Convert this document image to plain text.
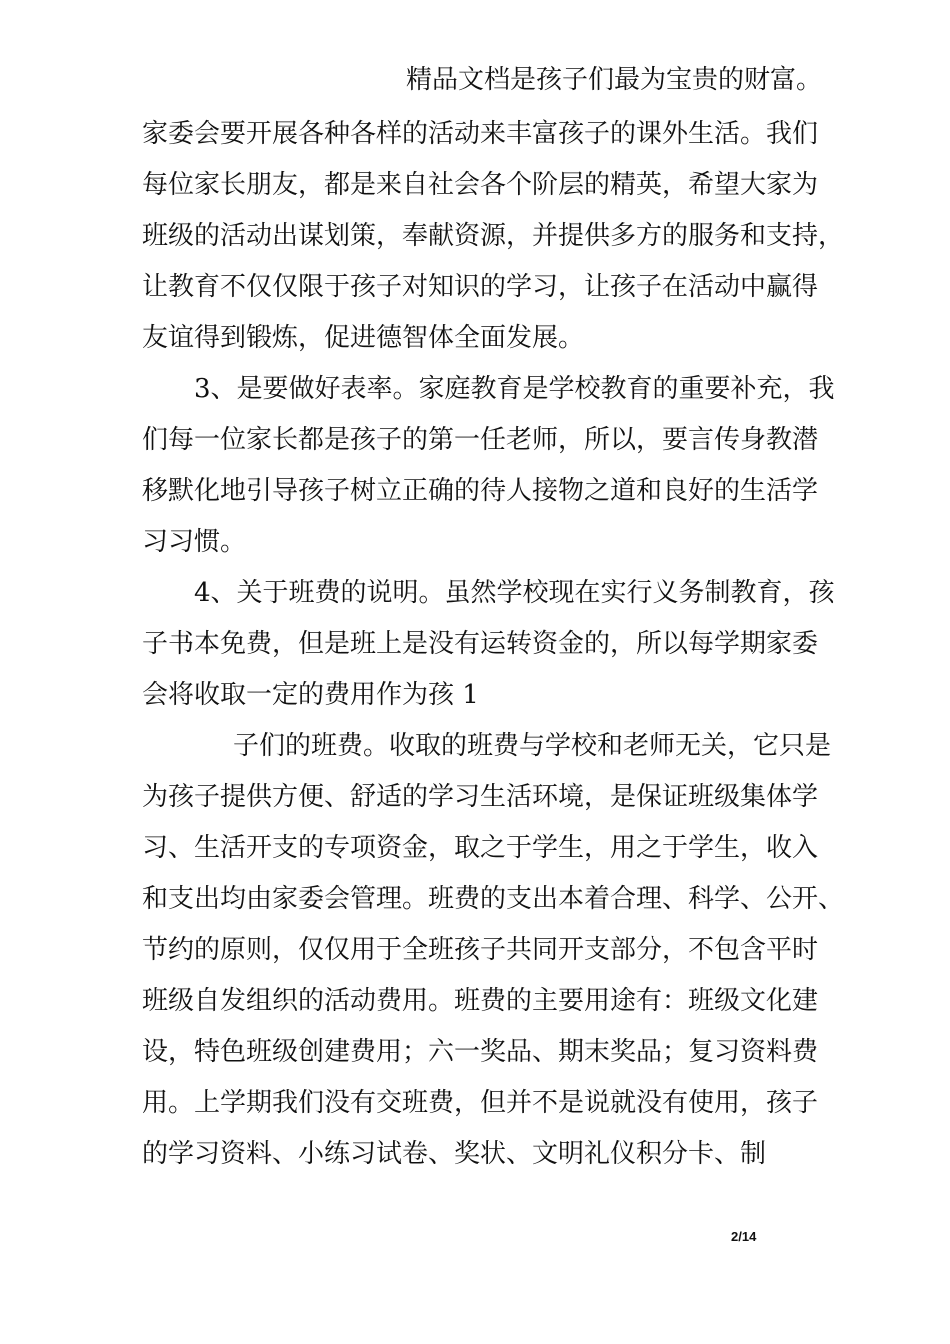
精品文档是孩子们最为宝贵的财富。
家委会要开展各种各样的活动来丰富孩子的课外生活。我们
每位家长朋友，都是来自社会各个阶层的精英，希望大家为
班级的活动出谋划策，奉献资源，并提供多方的服务和支持，
让教育不仅仅限于孩子对知识的学习，让孩子在活动中赢得
友谊得到锻炼，促进德智体全面发展。
3、是要做好表率。家庭教育是学校教育的重要补充，我
们每一位家长都是孩子的第一任老师，所以，要言传身教潜
移默化地引导孩子树立正确的待人接物之道和良好的生活学
习习惯。
4、关于班费的说明。虽然学校现在实行义务制教育，孩
子书本免费，但是班上是没有运转资金的，所以每学期家委
会将收取一定的费用作为孩 1
子们的班费。收取的班费与学校和老师无关，它只是
为孩子提供方便、舒适的学习生活环境，是保证班级集体学
习、生活开支的专项资金，取之于学生，用之于学生，收入
和支出均由家委会管理。班费的支出本着合理、科学、公开、
节约的原则，仅仅用于全班孩子共同开支部分，不包含平时
班级自发组织的活动费用。班费的主要用途有：班级文化建
设，特色班级创建费用；六一奖品、期末奖品；复习资料费
用。上学期我们没有交班费，但并不是说就没有使用，孩子
的学习资料、小练习试卷、奖状、文明礼仪积分卡、制
2/14
